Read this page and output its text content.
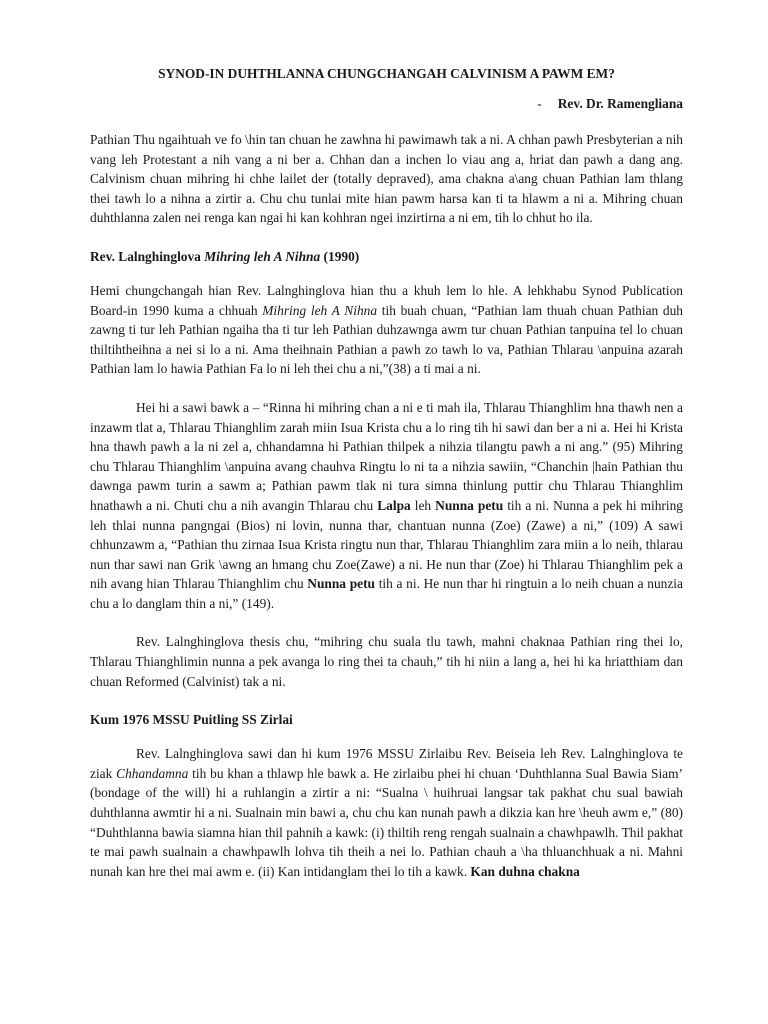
SYNOD-IN DUHTHLANNA CHUNGCHANGAH CALVINISM A PAWM EM?
- Rev. Dr. Ramengliana

Pathian Thu ngaihtuah ve fo \hin tan chuan he zawhna hi pawimawh tak a ni. A chhan pawh Presbyterian a nih vang leh Protestant a nih vang a ni ber a. Chhan dan a inchen lo viau ang a, hriat dan pawh a dang ang. Calvinism chuan mihring hi chhe lailet der (totally depraved), ama chakna a\ang chuan Pathian lam thlang thei tawh lo a nihna a zirtir a. Chu chu tunlai mite hian pawm harsa kan ti ta hlawm a ni a. Mihring chuan duhthlanna zalen nei renga kan ngai hi kan kohhran ngei inzirtirna a ni em, tih lo chhut ho ila.

Rev. Lalnghinglova Mihring leh A Nihna (1990)

Hemi chungchangah hian Rev. Lalnghinglova hian thu a khuh lem lo hle. A lehkhabu Synod Publication Board-in 1990 kuma a chhuah Mihring leh A Nihna tih buah chuan, “Pathian lam thuah chuan Pathian duh zawng ti tur leh Pathian ngaiha tha ti tur leh Pathian duhzawnga awm tur chuan Pathian tanpuina tel lo chuan thiltihtheihna a nei si lo a ni. Ama theihnain Pathian a pawh zo tawh lo va, Pathian Thlarau \anpuina azarah Pathian lam lo hawia Pathian Fa lo ni leh thei chu a ni,”(38) a ti mai a ni.

Hei hi a sawi bawk a – “Rinna hi mihring chan a ni e ti mah ila, Thlarau Thianghlim hna thawh nen a inzawm tlat a, Thlarau Thianghlim zarah miin Isua Krista chu a lo ring tih hi sawi dan ber a ni a. Hei hi Krista hna thawh pawh a la ni zel a, chhandamna hi Pathian thilpek a nihzia tilangtu pawh a ni ang.” (95) Mihring chu Thlarau Thianghlim \anpuina avang chauhva Ringtu lo ni ta a nihzia sawiin, “Chanchin |hain Pathian thu dawnga pawm turin a sawm a; Pathian pawm tlak ni tura simna thinlung puttir chu Thlarau Thianghlim hnathawh a ni. Chuti chu a nih avangin Thlarau chu Lalpa leh Nunna petu tih a ni. Nunna a pek hi mihring leh thlai nunna pangngai (Bios) ni lovin, nunna thar, chantuan nunna (Zoe) (Zawe) a ni,” (109) A sawi chhunzawm a, “Pathian thu zirnaa Isua Krista ringtu nun thar, Thlarau Thianghlim zara miin a lo neih, thlarau nun thar sawi nan Grik \awng an hmang chu Zoe(Zawe) a ni. He nun thar (Zoe) hi Thlarau Thianghlim pek a nih avang hian Thlarau Thianghlim chu Nunna petu tih a ni. He nun thar hi ringtuin a lo neih chuan a nunzia chu a lo danglam thin a ni,” (149).

Rev. Lalnghinglova thesis chu, “mihring chu suala tlu tawh, mahni chaknaa Pathian ring thei lo, Thlarau Thianghlimin nunna a pek avanga lo ring thei ta chauh,” tih hi niin a lang a, hei hi ka hriatthiam dan chuan Reformed (Calvinist) tak a ni.

Kum 1976 MSSU Puitling SS Zirlai

Rev. Lalnghinglova sawi dan hi kum 1976 MSSU Zirlaibu Rev. Beiseia leh Rev. Lalnghinglova te ziak Chhandamna tih bu khan a thlawp hle bawk a. He zirlaibu phei hi chuan ‘Duhthlanna Sual Bawia Siam’ (bondage of the will) hi a ruhlangin a zirtir a ni: “Sualna \ huihruai langsar tak pakhat chu sual bawiah duhthlanna awmtir hi a ni. Sualnain min bawi a, chu chu kan nunah pawh a dikzia kan hre \heuh awm e,” (80) “Duhthlanna bawia siamna hian thil pahnih a kawk: (i) thiltih reng rengah sualnain a chawhpawlh. Thil pakhat te mai pawh sualnain a chawhpawlh lohva tih theih a nei lo. Pathian chauh a \ha thluanchhuak a ni. Mahni nunah kan hre thei mai awm e. (ii) Kan intidanglam thei lo tih a kawk. Kan duhna chakna
